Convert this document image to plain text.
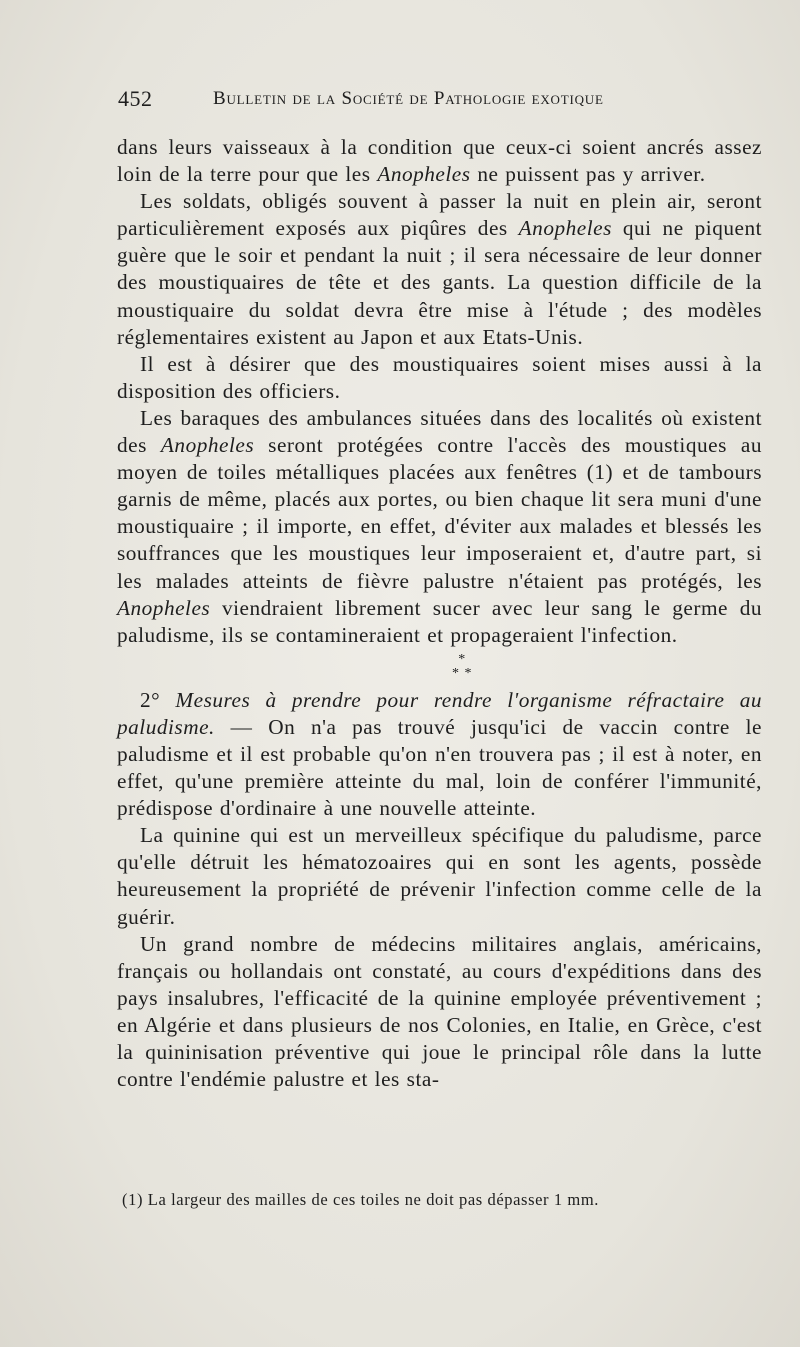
452	Bulletin de la Société de Pathologie exotique

dans leurs vaisseaux à la condition que ceux-ci soient ancrés assez loin de la terre pour que les Anopheles ne puissent pas y arriver.

Les soldats, obligés souvent à passer la nuit en plein air, seront particulièrement exposés aux piqûres des Anopheles qui ne piquent guère que le soir et pendant la nuit ; il sera nécessaire de leur donner des moustiquaires de tête et des gants. La question difficile de la moustiquaire du soldat devra être mise à l'étude ; des modèles réglementaires existent au Japon et aux Etats-Unis.

Il est à désirer que des moustiquaires soient mises aussi à la disposition des officiers.

Les baraques des ambulances situées dans des localités où existent des Anopheles seront protégées contre l'accès des moustiques au moyen de toiles métalliques placées aux fenêtres (1) et de tambours garnis de même, placés aux portes, ou bien chaque lit sera muni d'une moustiquaire ; il importe, en effet, d'éviter aux malades et blessés les souffrances que les moustiques leur imposeraient et, d'autre part, si les malades atteints de fièvre palustre n'étaient pas protégés, les Anopheles viendraient librement sucer avec leur sang le germe du paludisme, ils se contamineraient et propageraient l'infection.

*
* *

2° Mesures à prendre pour rendre l'organisme réfractaire au paludisme. — On n'a pas trouvé jusqu'ici de vaccin contre le paludisme et il est probable qu'on n'en trouvera pas ; il est à noter, en effet, qu'une première atteinte du mal, loin de conférer l'immunité, prédispose d'ordinaire à une nouvelle atteinte.

La quinine qui est un merveilleux spécifique du paludisme, parce qu'elle détruit les hématozoaires qui en sont les agents, possède heureusement la propriété de prévenir l'infection comme celle de la guérir.

Un grand nombre de médecins militaires anglais, américains, français ou hollandais ont constaté, au cours d'expéditions dans des pays insalubres, l'efficacité de la quinine employée préventivement ; en Algérie et dans plusieurs de nos Colonies, en Italie, en Grèce, c'est la quininisation préventive qui joue le principal rôle dans la lutte contre l'endémie palustre et les sta-

(1) La largeur des mailles de ces toiles ne doit pas dépasser 1 mm.
